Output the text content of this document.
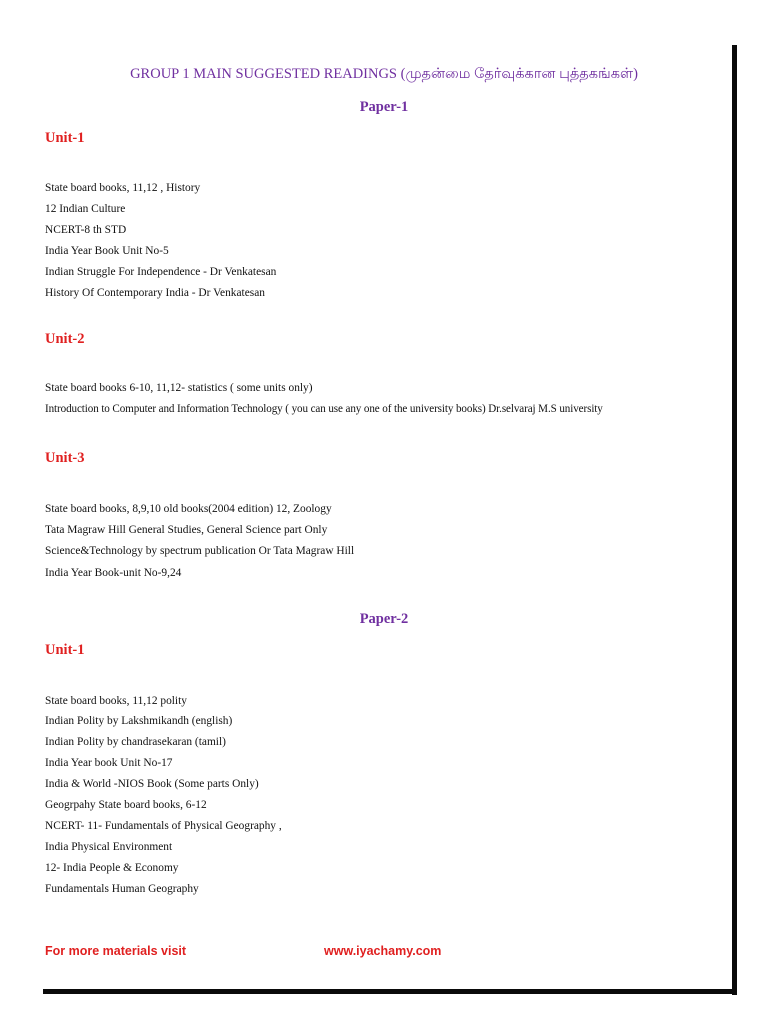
GROUP 1 MAIN SUGGESTED READINGS (முதன்மை தேர்வுக்கான புத்தகங்கள்)
Paper-1
Unit-1
State board books, 11,12 , History
12 Indian Culture
NCERT-8 th STD
India Year Book Unit No-5
Indian Struggle For Independence - Dr Venkatesan
History Of Contemporary India - Dr Venkatesan
Unit-2
State board books 6-10, 11,12- statistics ( some units only)
Introduction to Computer and Information Technology ( you can use any one of the university books) Dr.selvaraj M.S university
Unit-3
State board books, 8,9,10 old books(2004 edition) 12, Zoology
Tata Magraw Hill General Studies, General Science part Only
Science&Technology by spectrum publication Or Tata Magraw Hill
India Year Book-unit No-9,24
Paper-2
Unit-1
State board books, 11,12 polity
Indian Polity by Lakshmikandh (english)
Indian Polity by chandrasekaran (tamil)
India Year book Unit No-17
India & World -NIOS Book (Some parts Only)
Geogrpahy State board books, 6-12
NCERT- 11- Fundamentals of Physical Geography ,
India Physical Environment
12- India People & Economy
Fundamentals Human Geography
For more materials visit	www.iyachamy.com
